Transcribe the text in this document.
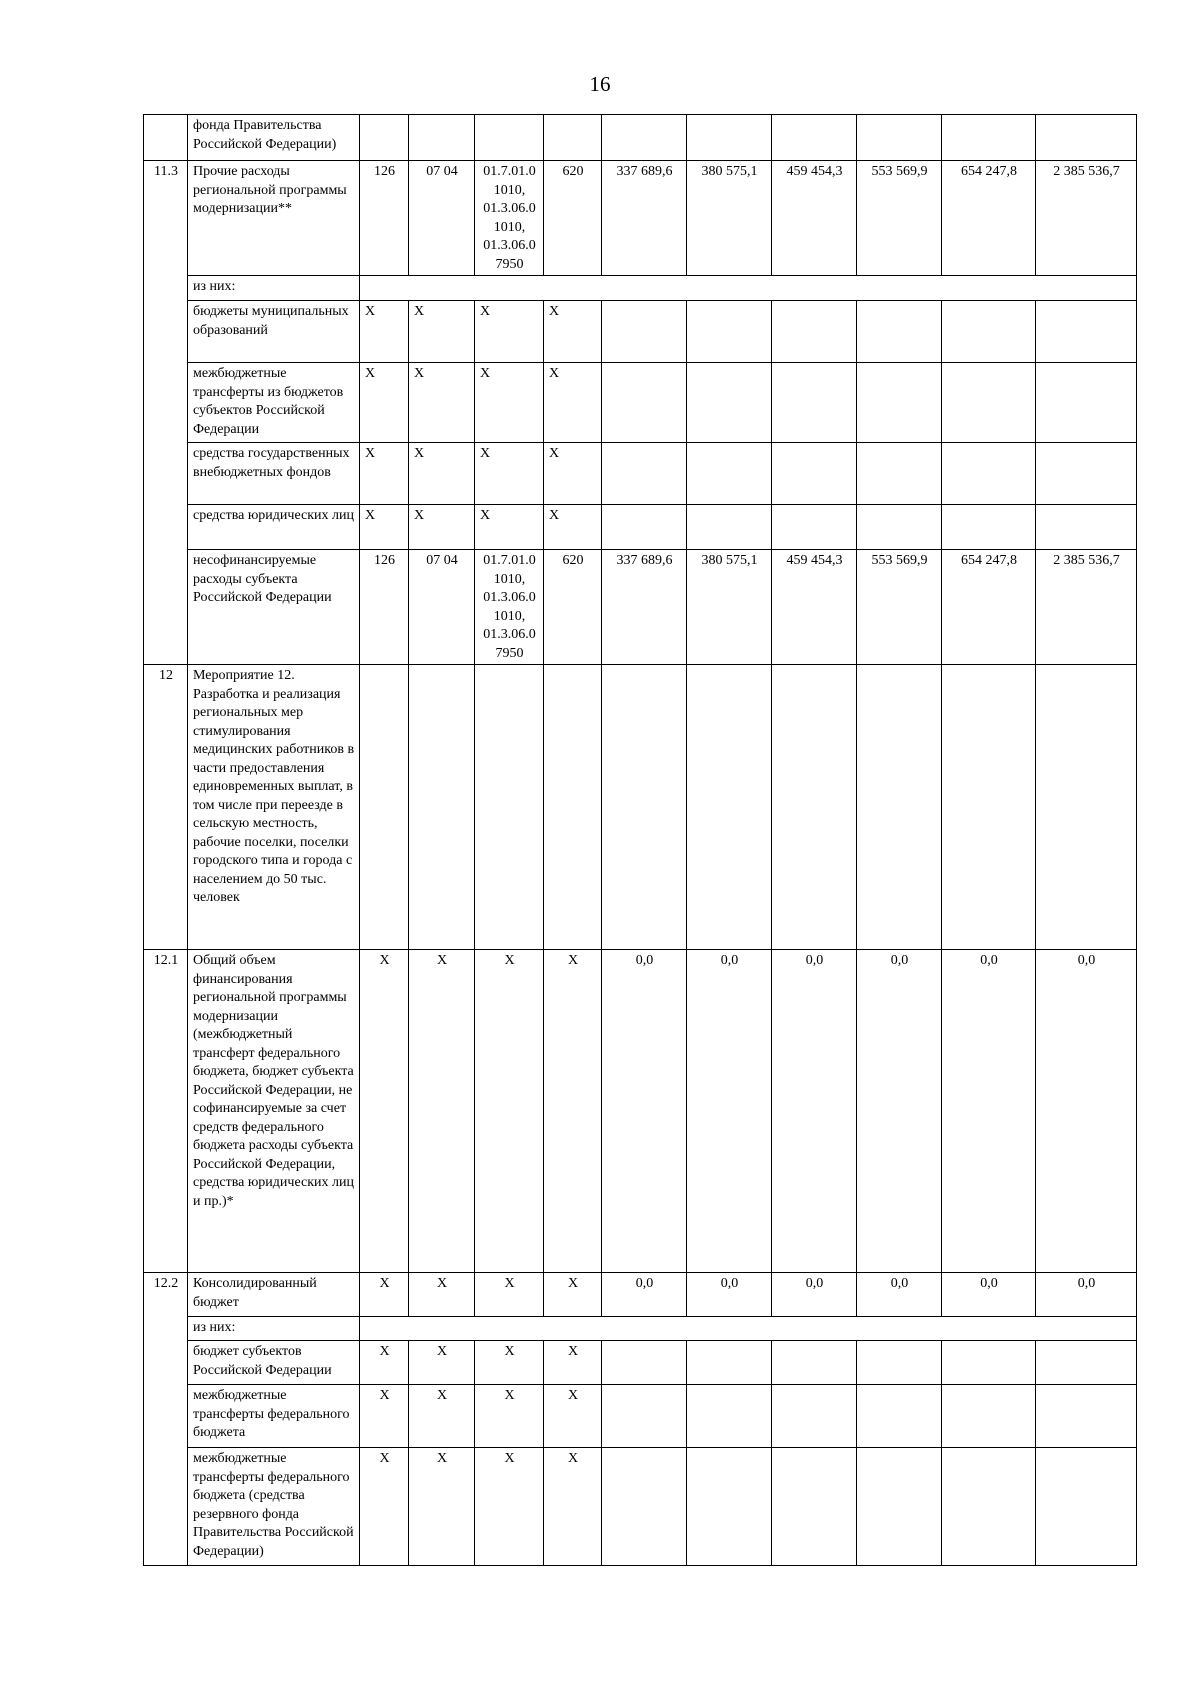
16
	фонда Правительства Российской Федерации)										
11.3	Прочие расходы региональной программы модернизации**	126	07 04	01.7.01.0 1010, 01.3.06.0 1010, 01.3.06.0 7950	620	337 689,6	380 575,1	459 454,3	553 569,9	654 247,8	2 385 536,7
	из них:										
	бюджеты муниципальных образований	X	X	X	X						
	межбюджетные трансферты из бюджетов субъектов Российской Федерации	X	X	X	X						
	средства государственных внебюджетных фондов	X	X	X	X						
	средства юридических лиц	X	X	X	X						
	несофинансируемые расходы субъекта Российской Федерации	126	07 04	01.7.01.0 1010, 01.3.06.0 1010, 01.3.06.0 7950	620	337 689,6	380 575,1	459 454,3	553 569,9	654 247,8	2 385 536,7
12	Мероприятие 12. Разработка и реализация региональных мер стимулирования медицинских работников в части предоставления единовременных выплат, в том числе при переезде в сельскую местность, рабочие поселки, поселки городского типа и города с населением до 50 тыс. человек										
12.1	Общий объем финансирования региональной программы модернизации (межбюджетный трансферт федерального бюджета, бюджет субъекта Российской Федерации, не софинансируемые за счет средств федерального бюджета расходы субъекта Российской Федерации, средства юридических лиц и пр.)*	X	X	X	X	0,0	0,0	0,0	0,0	0,0	0,0
12.2	Консолидированный бюджет	X	X	X	X	0,0	0,0	0,0	0,0	0,0	0,0
	из них:										
	бюджет субъектов Российской Федерации	X	X	X	X						
	межбюджетные трансферты федерального бюджета	X	X	X	X						
	межбюджетные трансферты федерального бюджета (средства резервного фонда Правительства Российской Федерации)	X	X	X	X						
